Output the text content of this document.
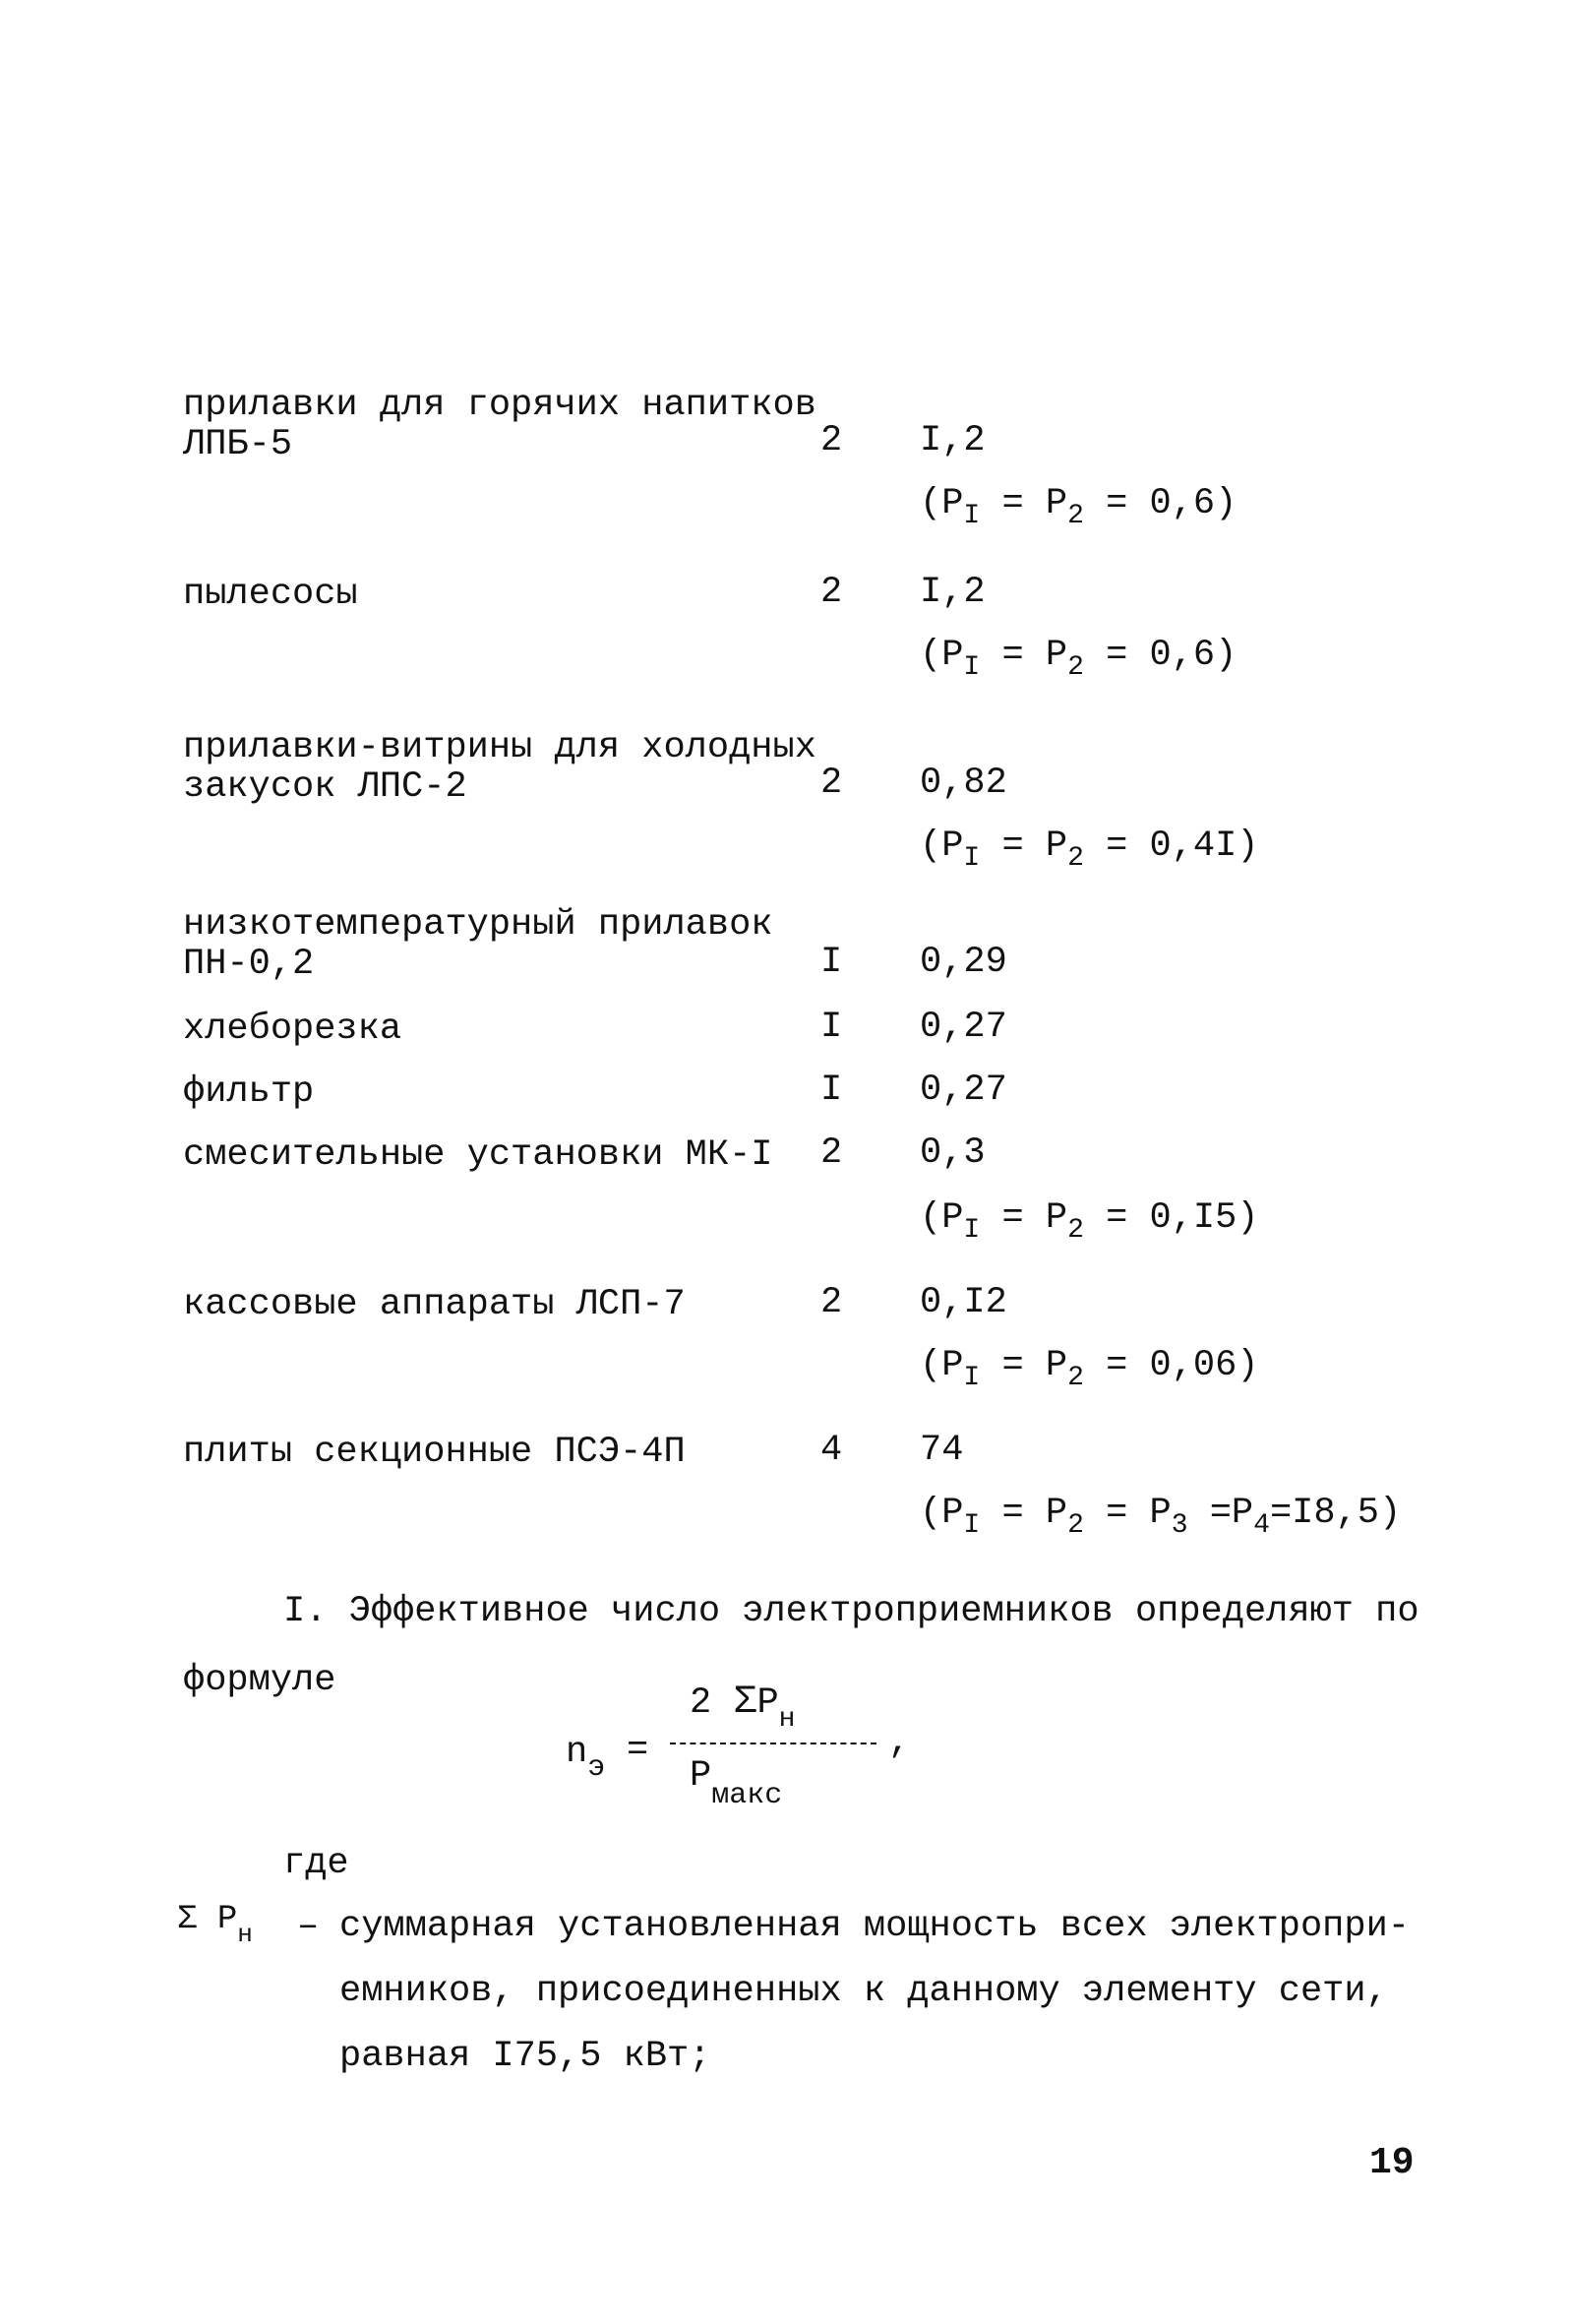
прилавки для горячих напитков
ЛПБ-5	2	I,2
$(P_I = P_2 = 0,6)$
пылесосы	2	I,2
$(P_I = P_2 = 0,6)$
прилавки-витрины для холодных
закусок ЛПС-2	2	0,82
$(P_I = P_2 = 0,4I)$
низкотемпературный прилавок
ПН-0,2	I	0,29
хлеборезка	I	0,27
фильтр	I	0,27
смесительные установки МК-I	2	0,3
$(P_I = P_2 = 0,I5)$
кассовые аппараты ЛСП-7	2	0,I2
$(P_I = P_2 = 0,06)$
плиты секционные ПСЭ-4П	4	74
$(P_I = P_2 = P_3 =P_4=I8,5)$
I. Эффективное число электроприемников определяют по
формуле
$n_э$ =
2 $\Sigma P_н$
,
$P_{макс}$
где
Σ $P_н$ – суммарная установленная мощность всех электропри-
емников, присоединенных к данному элементу сети,
равная I75,5 кВт;
19
